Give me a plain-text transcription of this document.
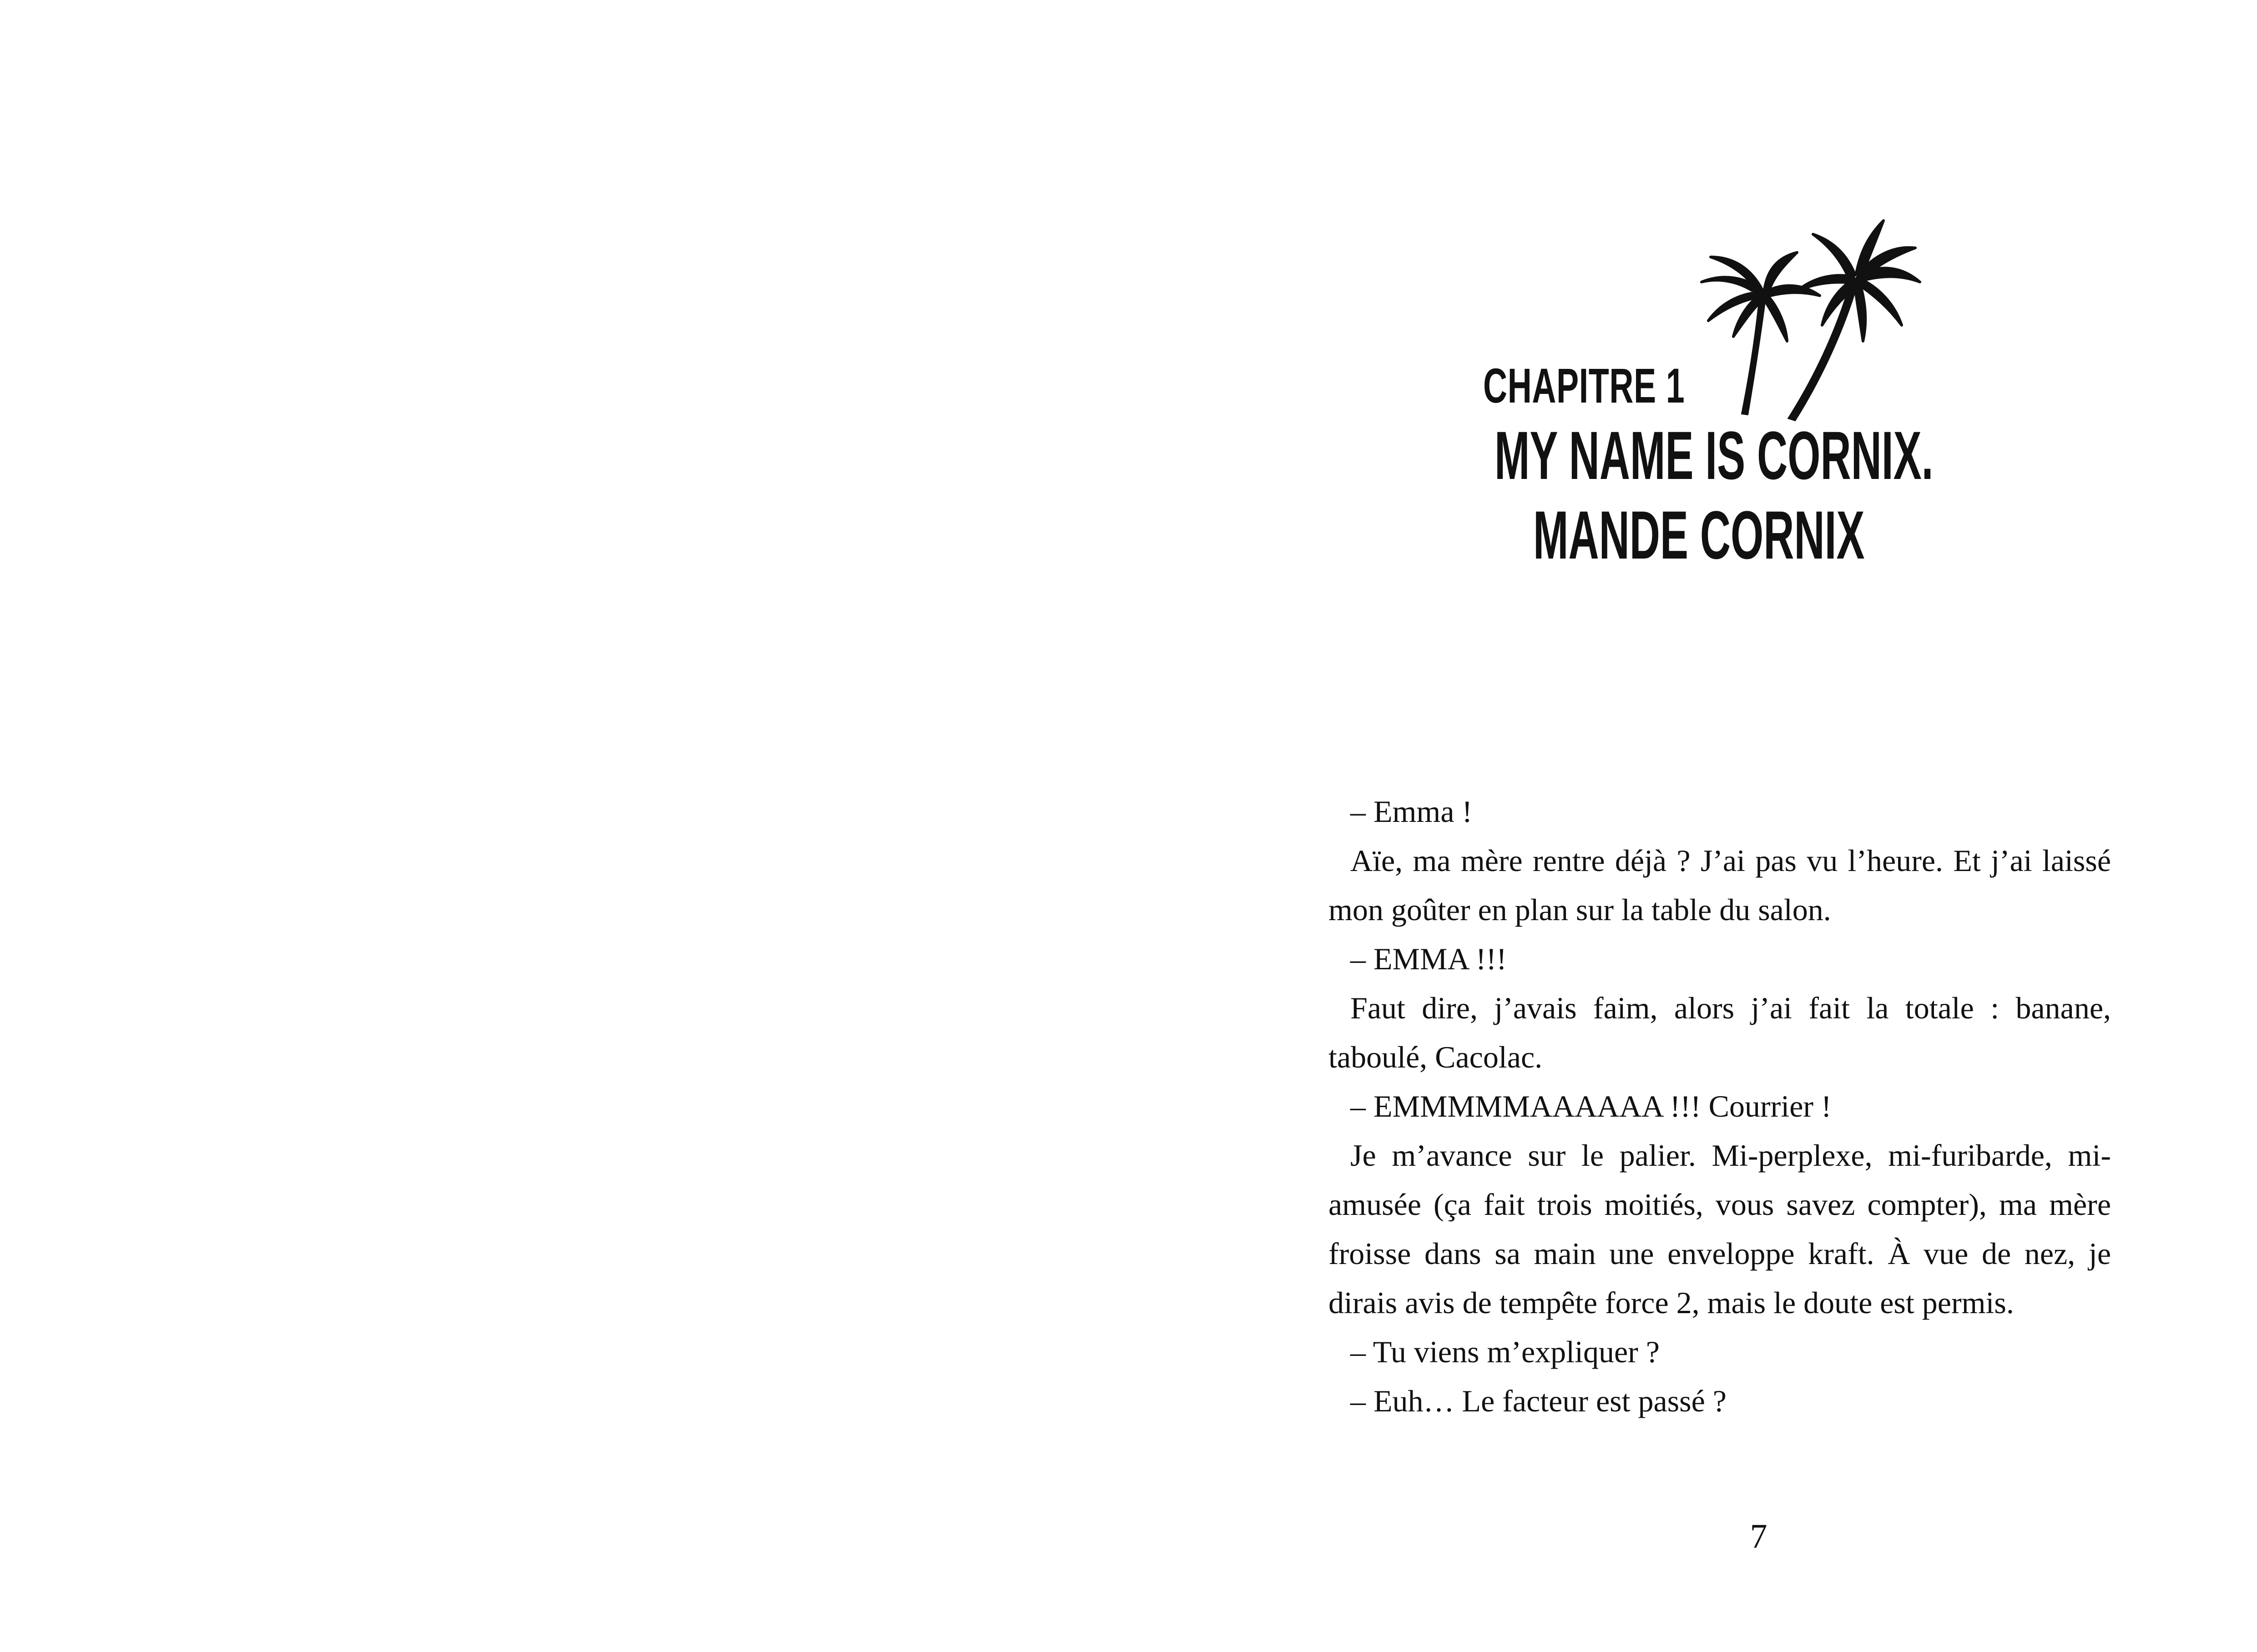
CHAPITRE 1
MY NAME IS CORNIX.
MANDE CORNIX

– Emma !

Aïe, ma mère rentre déjà ? J’ai pas vu l’heure. Et j’ai laissé mon goûter en plan sur la table du salon.

– EMMA !!!

Faut dire, j’avais faim, alors j’ai fait la totale : banane, taboulé, Cacolac.

– EMMMMMAAAAAA !!! Courrier !

Je m’avance sur le palier. Mi-perplexe, mi-furibarde, mi-amusée (ça fait trois moitiés, vous savez compter), ma mère froisse dans sa main une enveloppe kraft. À vue de nez, je dirais avis de tempête force 2, mais le doute est permis.

– Tu viens m’expliquer ?

– Euh… Le facteur est passé ?

7
